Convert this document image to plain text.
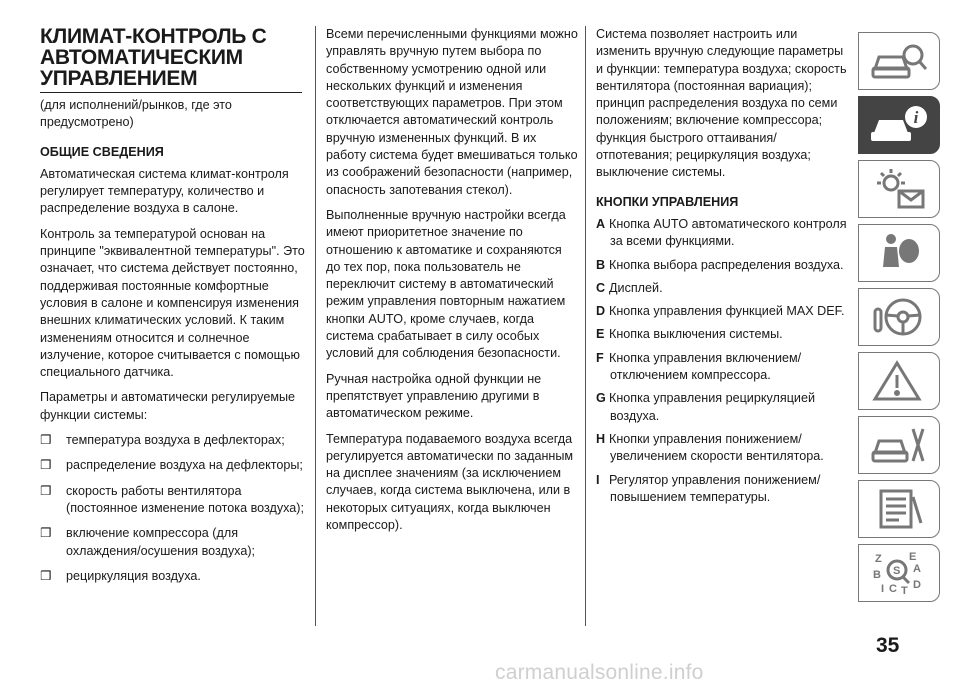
КЛИМАТ-КОНТРОЛЬ С
АВТОМАТИЧЕСКИМ
УПРАВЛЕНИЕМ

(для исполнений/рынков, где это предусмотрено)

ОБЩИЕ СВЕДЕНИЯ

Автоматическая система климат-контроля регулирует температуру, количество и распределение воздуха в салоне.

Контроль за температурой основан на принципе "эквивалентной температуры". Это означает, что система действует постоянно, поддерживая постоянные комфортные условия в салоне и компенсируя изменения внешних климатических условий. К таким изменениям относится и солнечное излучение, которое считывается с помощью специального датчика.

Параметры и автоматически регулируемые функции системы:

❒ температура воздуха в дефлекторах;
❒ распределение воздуха на дефлекторы;
❒ скорость работы вентилятора (постоянное изменение потока воздуха);
❒ включение компрессора (для охлаждения/осушения воздуха);
❒ рециркуляция воздуха.

Всеми перечисленными функциями можно управлять вручную путем выбора по собственному усмотрению одной или нескольких функций и изменения соответствующих параметров. При этом отключается автоматический контроль вручную измененных функций. В их работу система будет вмешиваться только из соображений безопасности (например, опасность запотевания стекол).

Выполненные вручную настройки всегда имеют приоритетное значение по отношению к автоматике и сохраняются до тех пор, пока пользователь не переключит систему в автоматический режим управления повторным нажатием кнопки AUTO, кроме случаев, когда система срабатывает в силу особых условий для соблюдения безопасности.

Ручная настройка одной функции не препятствует управлению другими в автоматическом режиме.

Температура подаваемого воздуха всегда регулируется автоматически по заданным на дисплее значениям (за исключением случаев, когда система выключена, или в некоторых ситуациях, когда выключен компрессор).

Система позволяет настроить или изменить вручную следующие параметры и функции: температура воздуха; скорость вентилятора (постоянная вариация); принцип распределения воздуха по семи положениям; включение компрессора; функция быстрого оттаивания/отпотевания; рециркуляция воздуха; выключение системы.

КНОПКИ УПРАВЛЕНИЯ
A Кнопка AUTO автоматического контроля за всеми функциями.
B Кнопка выбора распределения воздуха.
C Дисплей.
D Кнопка управления функцией MAX DEF.
E Кнопка выключения системы.
F Кнопка управления включением/ отключением компрессора.
G Кнопка управления рециркуляцией воздуха.
H Кнопки управления понижением/ увеличением скорости вентилятора.
I Регулятор управления понижением/ повышением температуры.
i
Z E
A
B
I C T D
S
35
carmanualsonline.info
